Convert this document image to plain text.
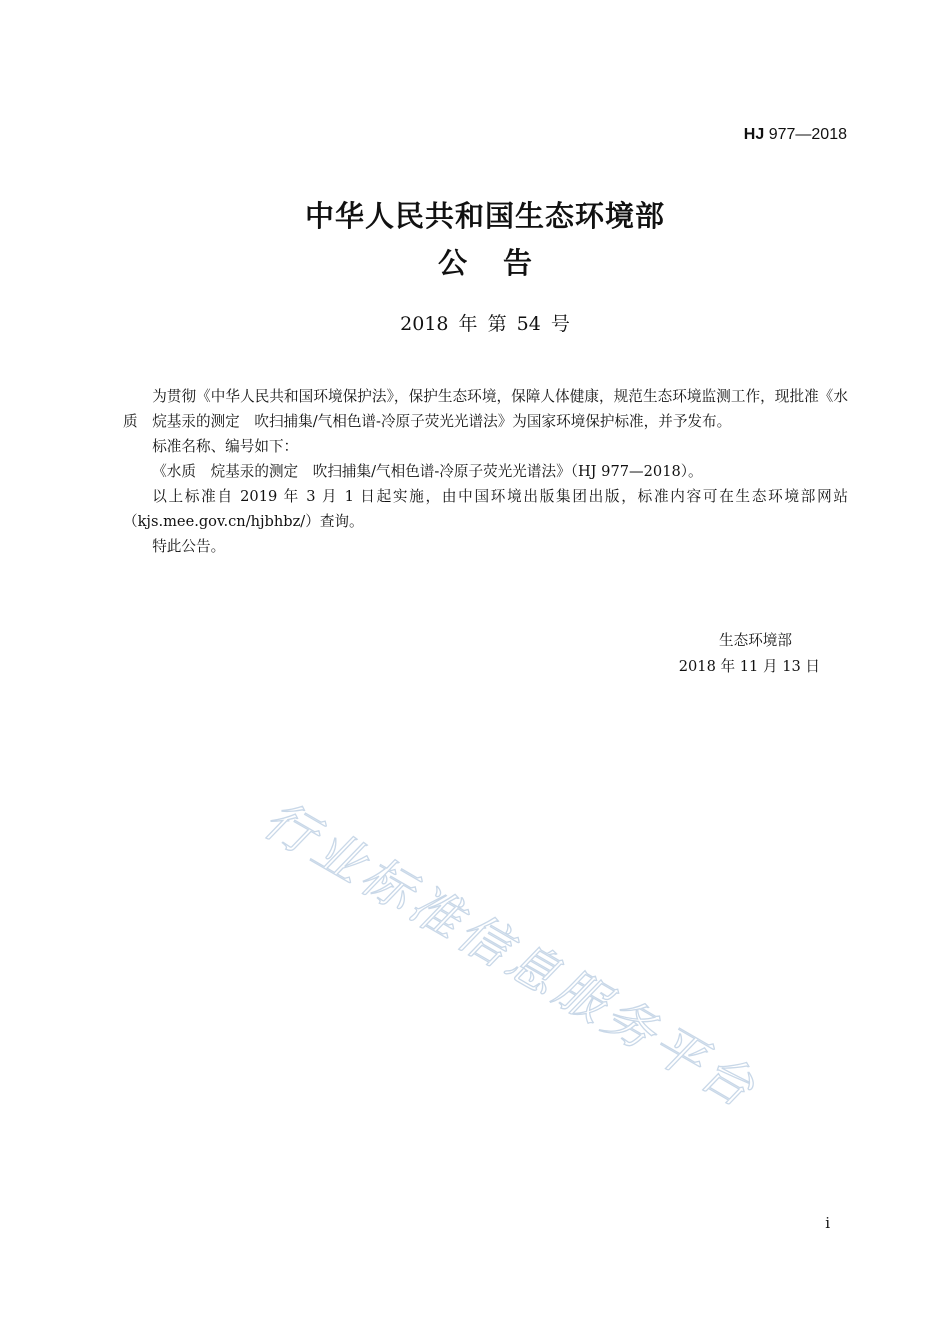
HJ 977—2018
中华人民共和国生态环境部
公告
2018 年 第 54 号

为贯彻《中华人民共和国环境保护法》，保护生态环境，保障人体健康，规范生态环境监测工作，现批准《水质　烷基汞的测定　吹扫捕集/气相色谱-冷原子荧光光谱法》为国家环境保护标准，并予发布。

标准名称、编号如下：

《水质　烷基汞的测定　吹扫捕集/气相色谱-冷原子荧光光谱法》（HJ 977—2018）。

以上标准自 2019 年 3 月 1 日起实施，由中国环境出版集团出版，标准内容可在生态环境部网站（kjs.mee.gov.cn/hjbhbz/）查询。

特此公告。

生态环境部
2018 年 11 月 13 日
行业标准信息服务平台
i
